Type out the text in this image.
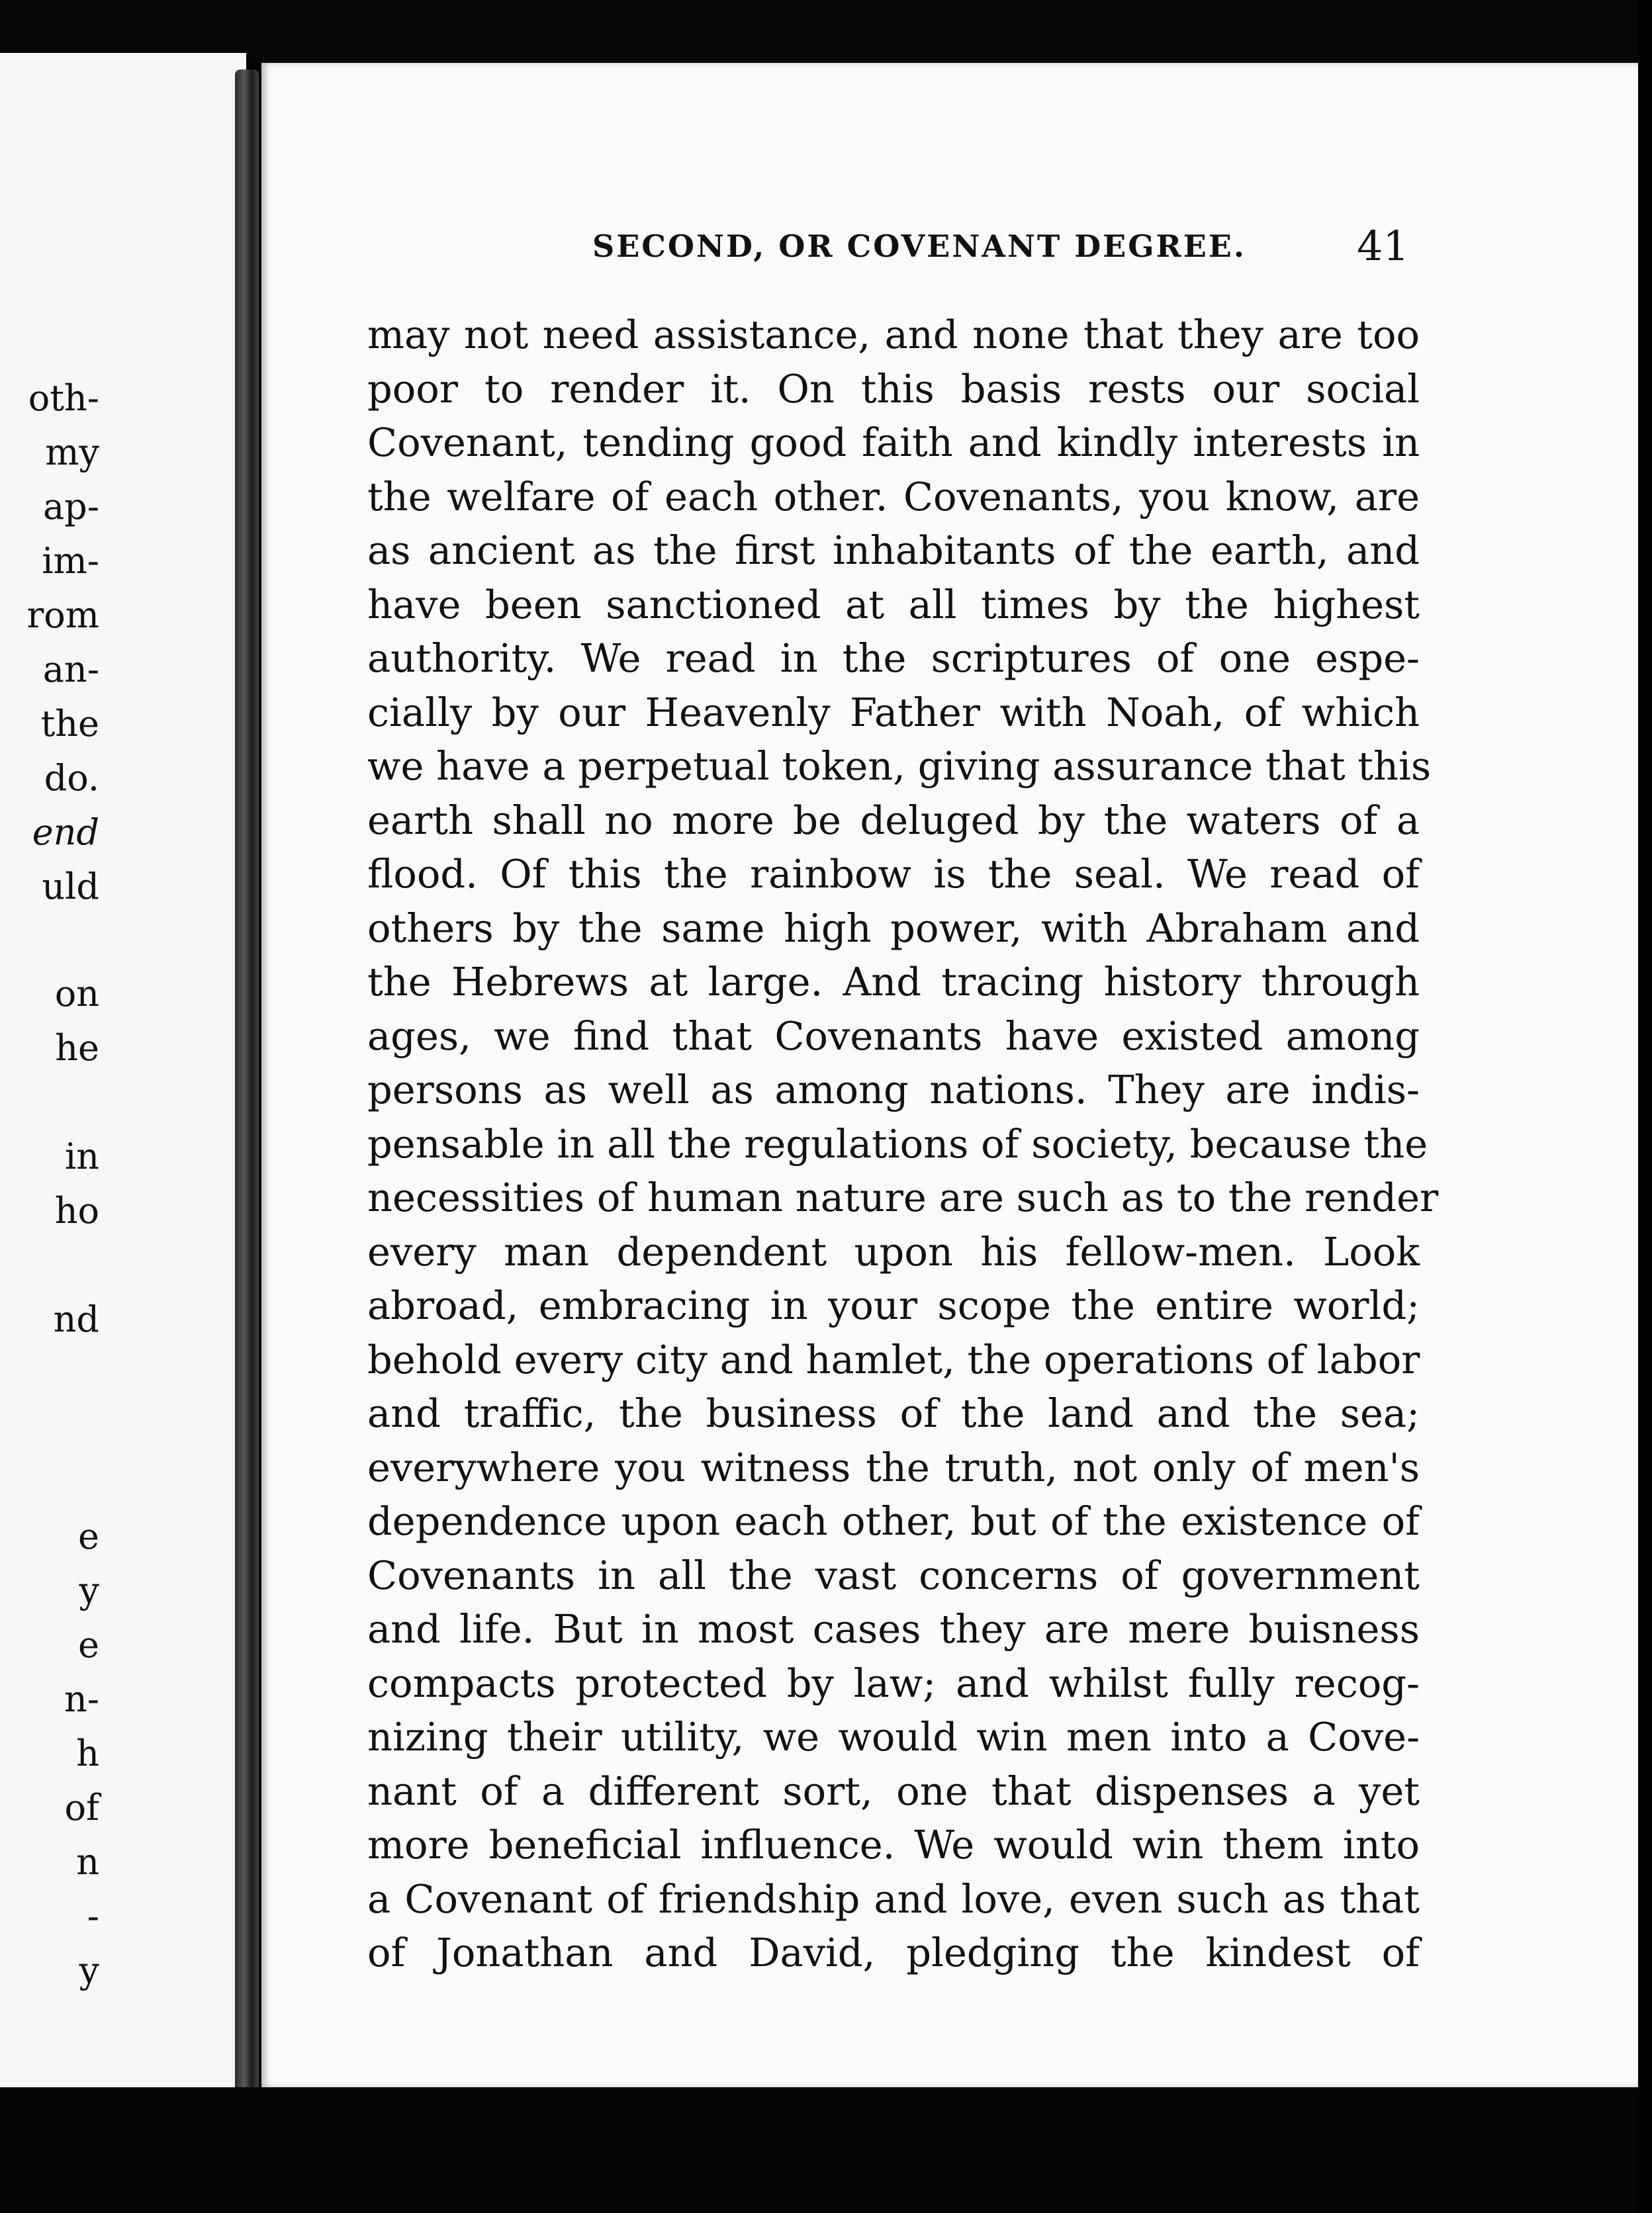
oth-
my
ap-
im-
rom
an-
the
do.
end
uld
on
he
in
ho
nd
e
y
e
n-
h
of
n
-
y
SECOND, OR COVENANT DEGREE.	41
may not need assistance, and none that they are too
poor to render it. On this basis rests our social
Covenant, tending good faith and kindly interests in
the welfare of each other. Covenants, you know, are
as ancient as the first inhabitants of the earth, and
have been sanctioned at all times by the highest
authority. We read in the scriptures of one espe-
cially by our Heavenly Father with Noah, of which
we have a perpetual token, giving assurance that this
earth shall no more be deluged by the waters of a
flood. Of this the rainbow is the seal. We read of
others by the same high power, with Abraham and
the Hebrews at large. And tracing history through
ages, we find that Covenants have existed among
persons as well as among nations. They are indis-
pensable in all the regulations of society, because the
necessities of human nature are such as to the render
every man dependent upon his fellow-men. Look
abroad, embracing in your scope the entire world;
behold every city and hamlet, the operations of labor
and traffic, the business of the land and the sea;
everywhere you witness the truth, not only of men's
dependence upon each other, but of the existence of
Covenants in all the vast concerns of government
and life. But in most cases they are mere buisness
compacts protected by law; and whilst fully recog-
nizing their utility, we would win men into a Cove-
nant of a different sort, one that dispenses a yet
more beneficial influence. We would win them into
a Covenant of friendship and love, even such as that
of Jonathan and David, pledging the kindest of
